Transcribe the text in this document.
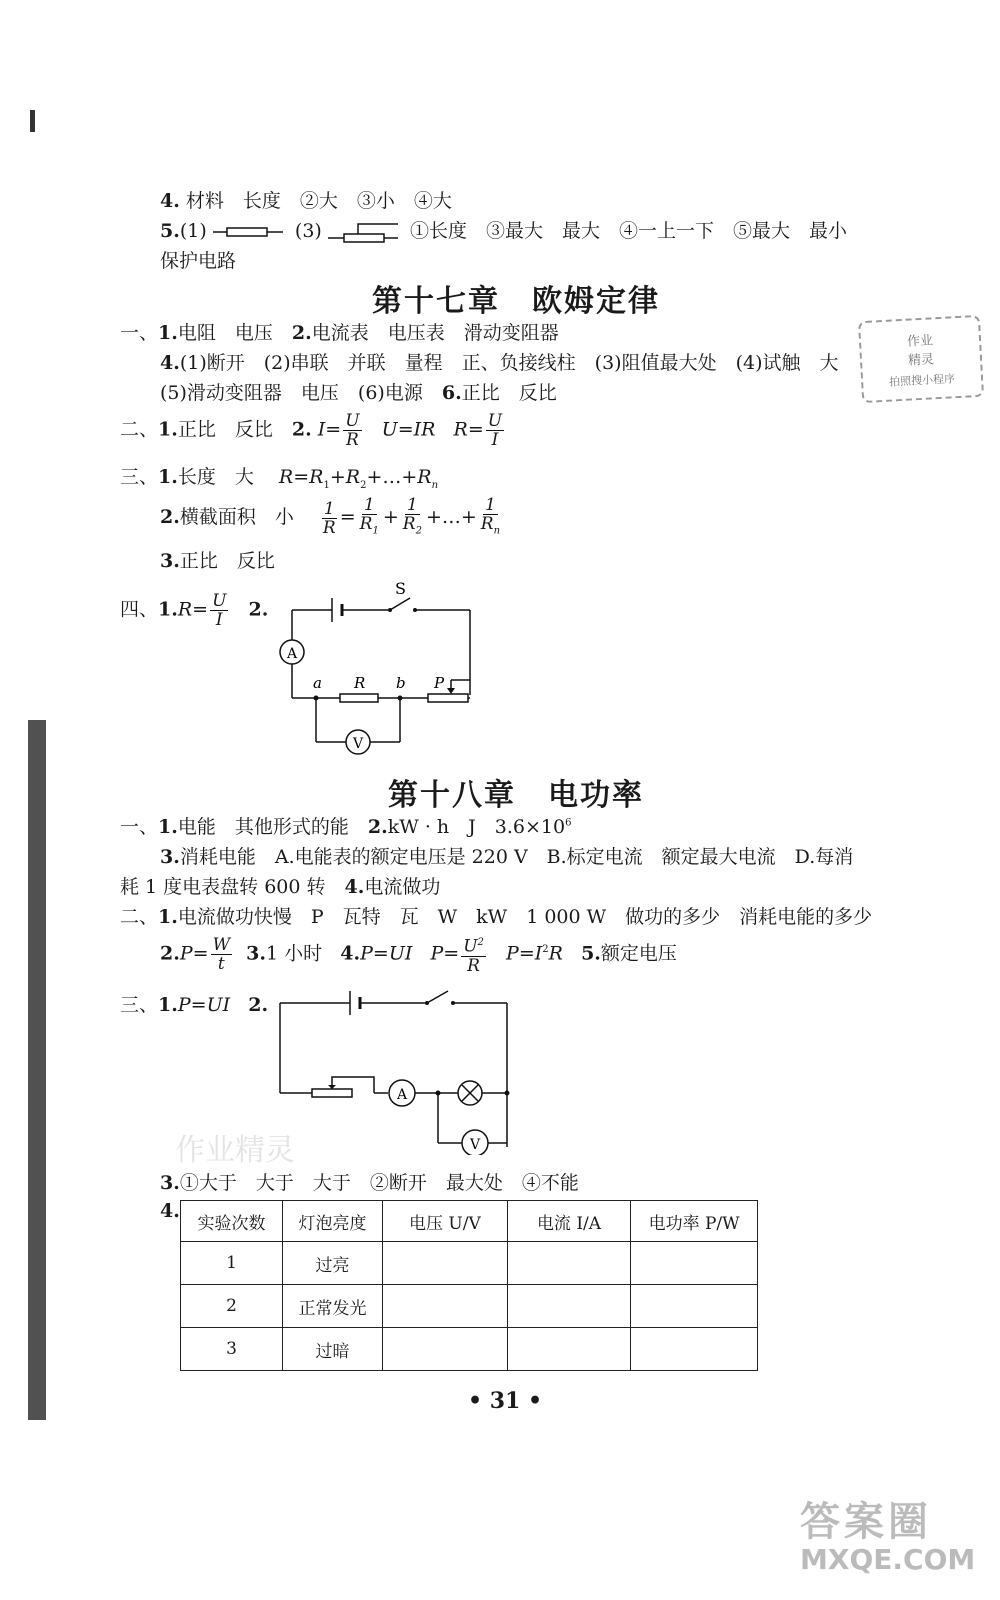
4. 材料　长度　②大　③小　④大
5.(1)	(3)	①长度　③最大　最大　④一上一下　⑤最大　最小
保护电路
第十七章　欧姆定律
一、1.电阻　电压　 2.电流表　电压表　滑动变阻器
4.(1)断开　(2)串联　并联　量程　正、负接线柱　(3)阻值最大处　(4)试触　大
(5)滑动变阻器　电压　(6)电源　 6.正比　反比
二、1.正比　反比　 2. $I= \frac{U}{R} U=IR$ $R= \frac{U}{I}$
三、1.长度　大　 $R=R_1+R_2+\dots+R_n$
2.横截面积　小　 $\frac{1}{R} = \frac{1}{R_1} + \frac{1}{R_2}$ +…+ $\frac{1}{R_n}$
3.正比　反比
四、$1.R= \frac{U}{I} 2$.
S
A
a R b P
V
第十八章　电功率
一、1.电能　其他形式的能　 2.kW · h　J　$3.6\times 10^6$
3.消耗电能　A.电能表的额定电压是 220 V　B.标定电流　额定最大电流　D.每消
耗 1 度电表盘转 600 转　 4.电流做功
二、1.电流做功快慢　P　瓦特　瓦　W　kW　1 000 W　做功的多少　消耗电能的多少
$2.P= \frac{W}{t} 3.1$ 小时 4.P=UI $P= \frac{U^2}{R} P=I^2R$ 5.额定电压
三、1.P=UI 2.
A
V
作业精灵
3.①大于　大于　大于　②断开　最大处　④不能
4.
实验次数	灯泡亮度	电压 U/V	电流 I/A	电功率 P/W
1	过亮			
2	正常发光			
3	过暗			
• 31 •
作业
精灵
拍照搜小程序
答案圈
MXQE.COM
